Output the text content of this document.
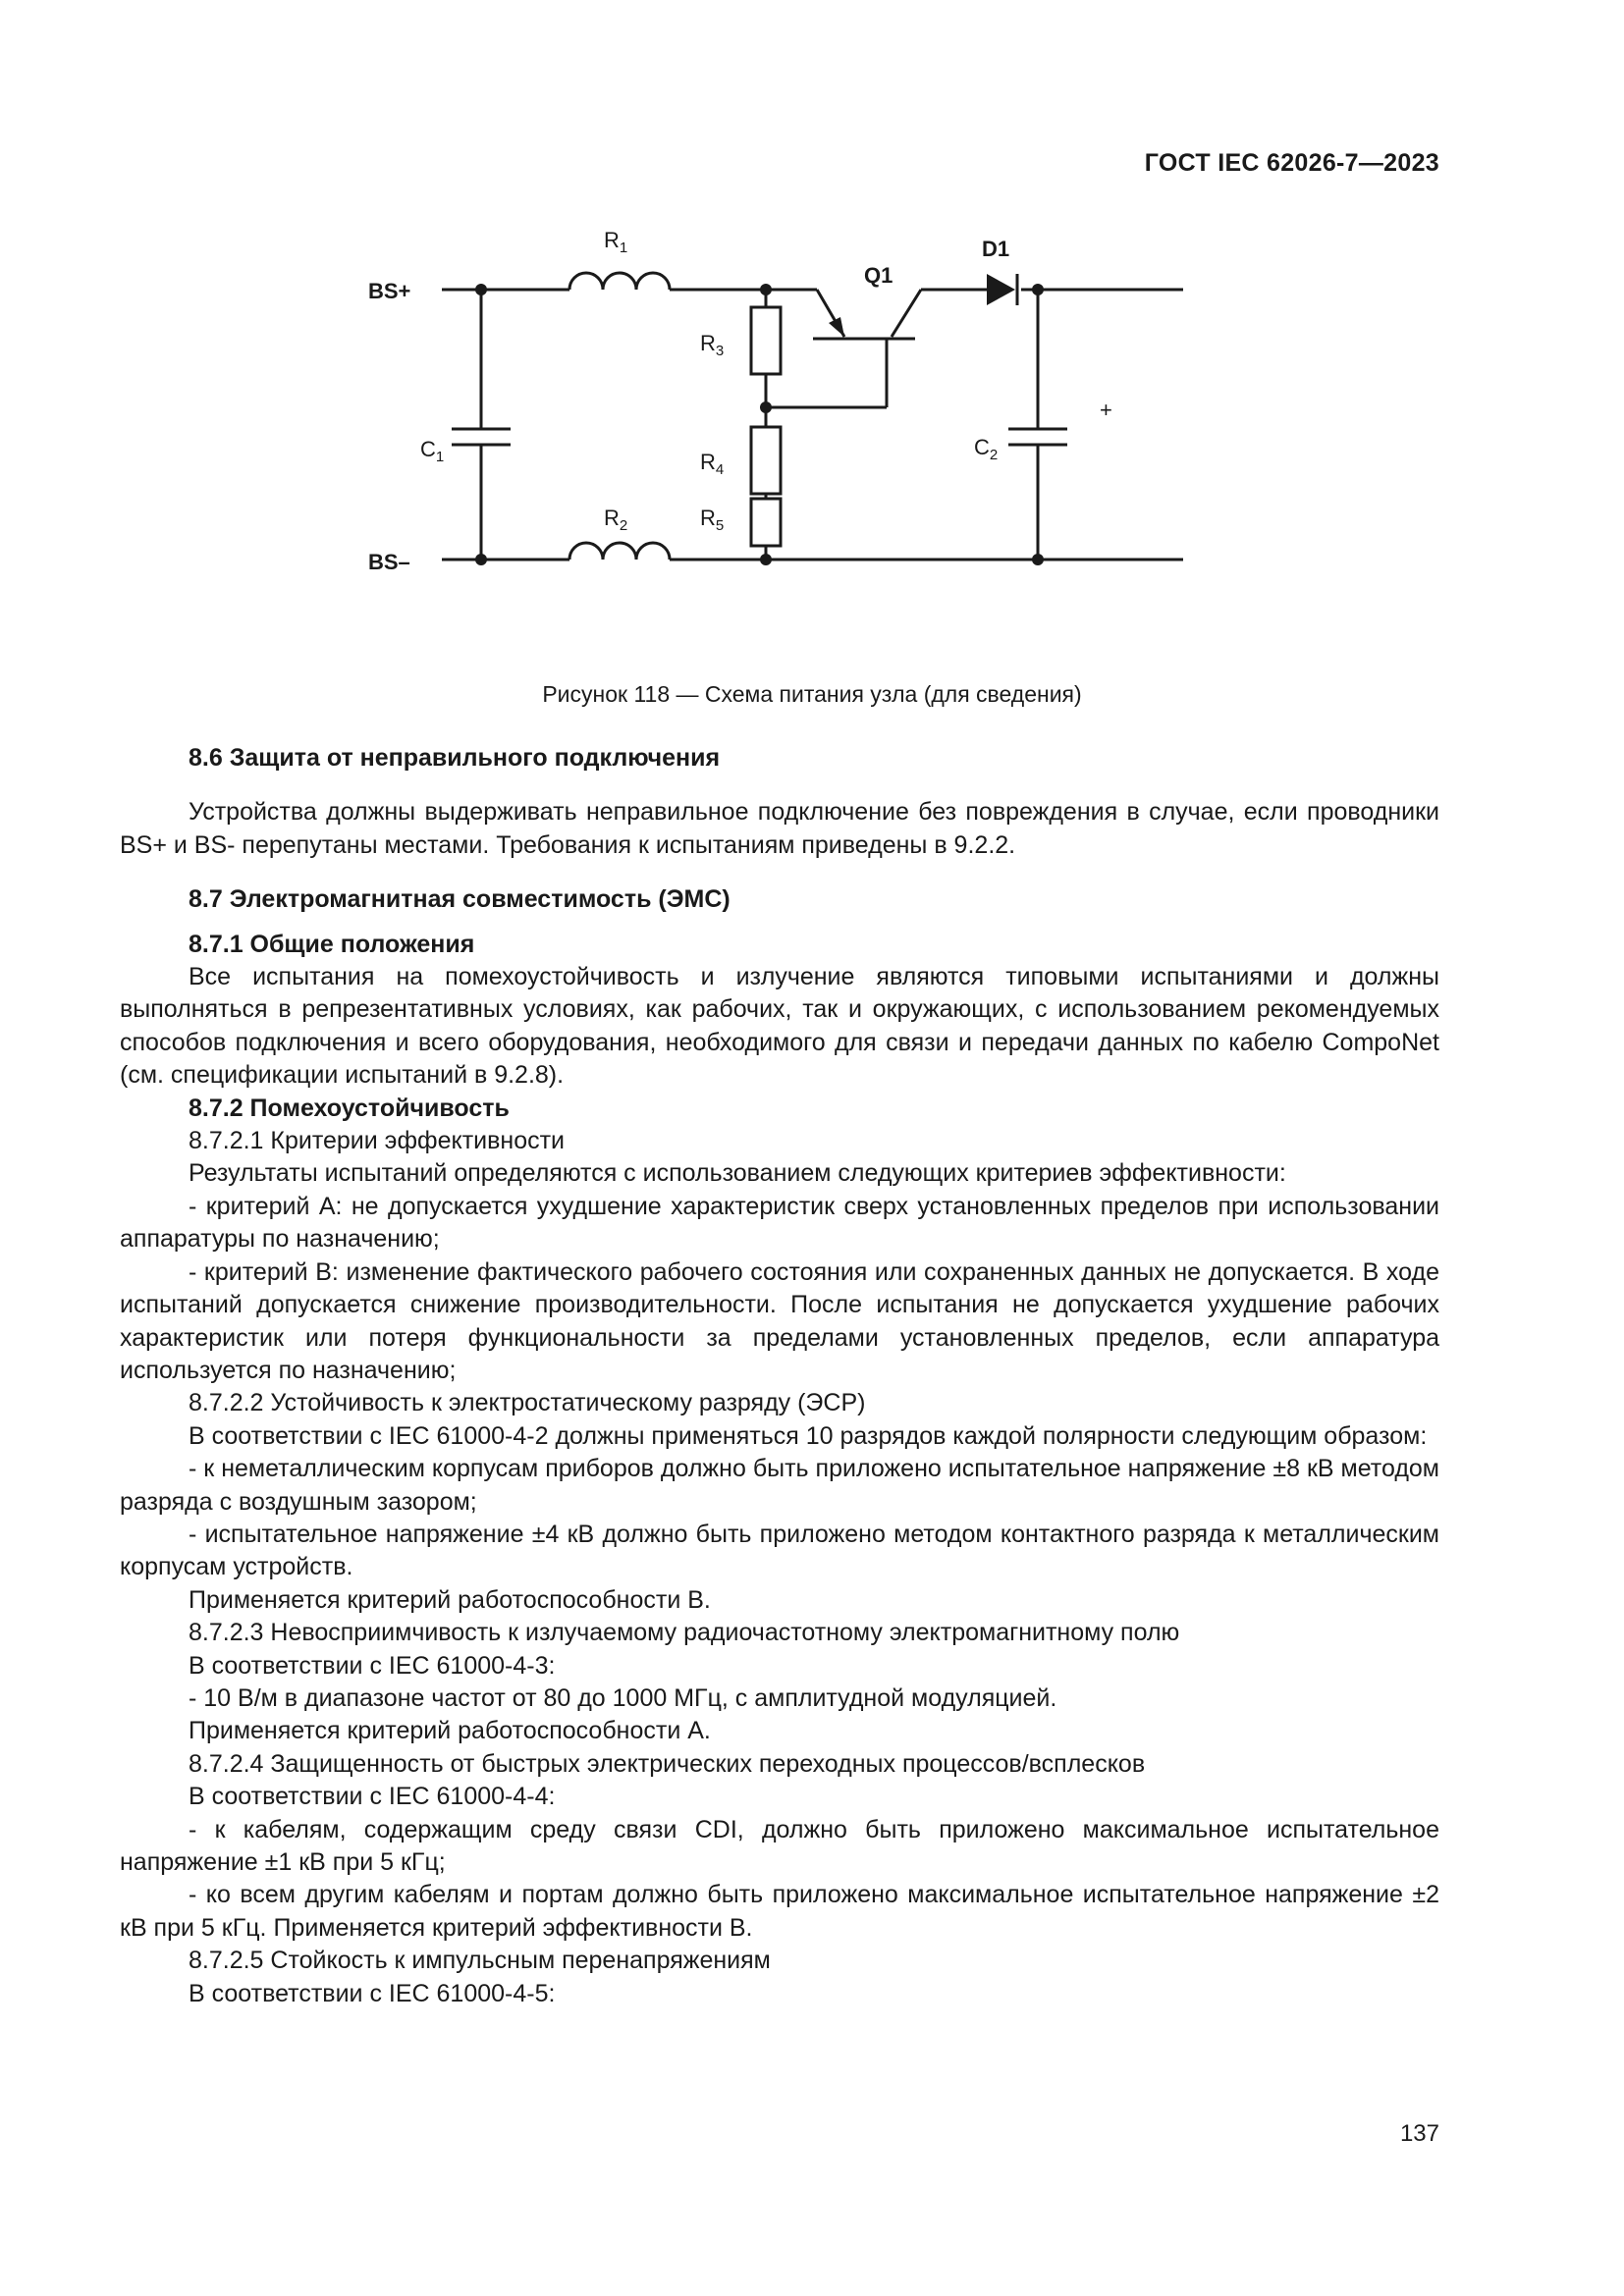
ГОСТ IEC 62026-7—2023
BS+
BS–
$R_1$
$R_2$
$R_3$
$R_4$
$R_5$
$C_1$	$C_2$
Q1
D1
+
Рисунок 118 — Схема питания узла (для сведения)

8.6 Защита от неправильного подключения

Устройства должны выдерживать неправильное подключение без повреждения в случае, если проводники BS+ и BS- перепутаны местами. Требования к испытаниям приведены в 9.2.2.

8.7 Электромагнитная совместимость (ЭМС)

8.7.1 Общие положения

Все испытания на помехоустойчивость и излучение являются типовыми испытаниями и должны выполняться в репрезентативных условиях, как рабочих, так и окружающих, с использованием рекомендуемых способов подключения и всего оборудования, необходимого для связи и передачи данных по кабелю CompoNet (см. спецификации испытаний в 9.2.8).

8.7.2 Помехоустойчивость

8.7.2.1 Критерии эффективности

Результаты испытаний определяются с использованием следующих критериев эффективности:

- критерий А: не допускается ухудшение характеристик сверх установленных пределов при использовании аппаратуры по назначению;

- критерий В: изменение фактического рабочего состояния или сохраненных данных не допускается. В ходе испытаний допускается снижение производительности. После испытания не допускается ухудшение рабочих характеристик или потеря функциональности за пределами установленных пределов, если аппаратура используется по назначению;

8.7.2.2 Устойчивость к электростатическому разряду (ЭСР)

В соответствии с IEC 61000-4-2 должны применяться 10 разрядов каждой полярности следующим образом:

- к неметаллическим корпусам приборов должно быть приложено испытательное напряжение ±8 кВ методом разряда с воздушным зазором;

- испытательное напряжение ±4 кВ должно быть приложено методом контактного разряда к металлическим корпусам устройств.

Применяется критерий работоспособности В.

8.7.2.3 Невосприимчивость к излучаемому радиочастотному электромагнитному полю

В соответствии с IEC 61000-4-3:

- 10 В/м в диапазоне частот от 80 до 1000 МГц, с амплитудной модуляцией.

Применяется критерий работоспособности А.

8.7.2.4 Защищенность от быстрых электрических переходных процессов/всплесков

В соответствии с IEC 61000-4-4:

- к кабелям, содержащим среду связи CDI, должно быть приложено максимальное испытательное напряжение ±1 кВ при 5 кГц;

- ко всем другим кабелям и портам должно быть приложено максимальное испытательное напряжение ±2 кВ при 5 кГц. Применяется критерий эффективности В.

8.7.2.5 Стойкость к импульсным перенапряжениям

В соответствии с IEC 61000-4-5:

137
